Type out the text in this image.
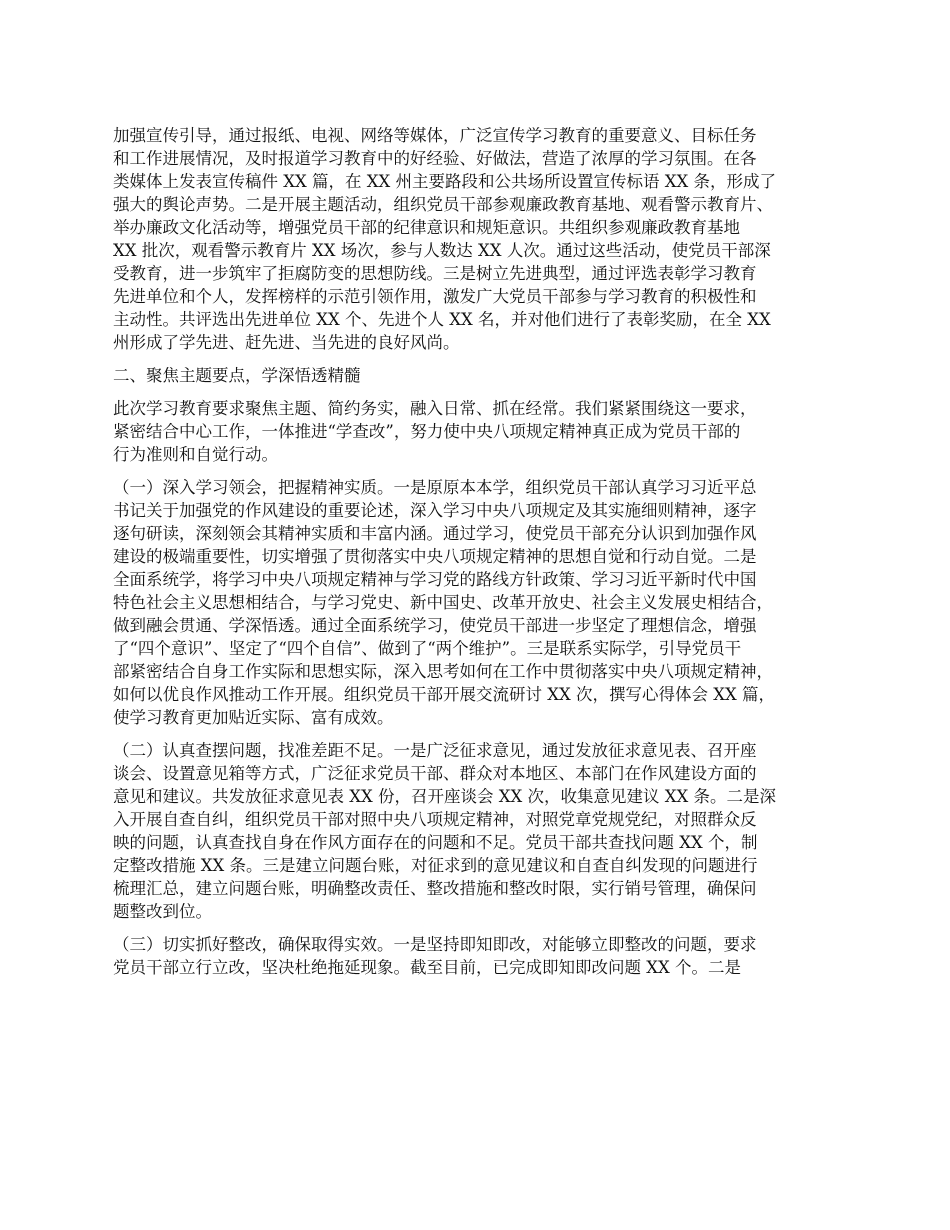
加强宣传引导，通过报纸、电视、网络等媒体，广泛宣传学习教育的重要意义、目标任务
和工作进展情况，及时报道学习教育中的好经验、好做法，营造了浓厚的学习氛围。在各
类媒体上发表宣传稿件 XX 篇，在 XX 州主要路段和公共场所设置宣传标语 XX 条，形成了
强大的舆论声势。二是开展主题活动，组织党员干部参观廉政教育基地、观看警示教育片、
举办廉政文化活动等，增强党员干部的纪律意识和规矩意识。共组织参观廉政教育基地
XX 批次，观看警示教育片 XX 场次，参与人数达 XX 人次。通过这些活动，使党员干部深
受教育，进一步筑牢了拒腐防变的思想防线。三是树立先进典型，通过评选表彰学习教育
先进单位和个人，发挥榜样的示范引领作用，激发广大党员干部参与学习教育的积极性和
主动性。共评选出先进单位 XX 个、先进个人 XX 名，并对他们进行了表彰奖励，在全 XX
州形成了学先进、赶先进、当先进的良好风尚。

二、聚焦主题要点，学深悟透精髓

此次学习教育要求聚焦主题、简约务实，融入日常、抓在经常。我们紧紧围绕这一要求，
紧密结合中心工作，一体推进“学查改”，努力使中央八项规定精神真正成为党员干部的
行为准则和自觉行动。

（一）深入学习领会，把握精神实质。一是原原本本学，组织党员干部认真学习习近平总
书记关于加强党的作风建设的重要论述，深入学习中央八项规定及其实施细则精神，逐字
逐句研读，深刻领会其精神实质和丰富内涵。通过学习，使党员干部充分认识到加强作风
建设的极端重要性，切实增强了贯彻落实中央八项规定精神的思想自觉和行动自觉。二是
全面系统学，将学习中央八项规定精神与学习党的路线方针政策、学习习近平新时代中国
特色社会主义思想相结合，与学习党史、新中国史、改革开放史、社会主义发展史相结合，
做到融会贯通、学深悟透。通过全面系统学习，使党员干部进一步坚定了理想信念，增强
了“四个意识”、坚定了“四个自信”、做到了“两个维护”。三是联系实际学，引导党员干
部紧密结合自身工作实际和思想实际，深入思考如何在工作中贯彻落实中央八项规定精神，
如何以优良作风推动工作开展。组织党员干部开展交流研讨 XX 次，撰写心得体会 XX 篇，
使学习教育更加贴近实际、富有成效。

（二）认真查摆问题，找准差距不足。一是广泛征求意见，通过发放征求意见表、召开座
谈会、设置意见箱等方式，广泛征求党员干部、群众对本地区、本部门在作风建设方面的
意见和建议。共发放征求意见表 XX 份，召开座谈会 XX 次，收集意见建议 XX 条。二是深
入开展自查自纠，组织党员干部对照中央八项规定精神，对照党章党规党纪，对照群众反
映的问题，认真查找自身在作风方面存在的问题和不足。党员干部共查找问题 XX 个，制
定整改措施 XX 条。三是建立问题台账，对征求到的意见建议和自查自纠发现的问题进行
梳理汇总，建立问题台账，明确整改责任、整改措施和整改时限，实行销号管理，确保问
题整改到位。

（三）切实抓好整改，确保取得实效。一是坚持即知即改，对能够立即整改的问题，要求
党员干部立行立改，坚决杜绝拖延现象。截至目前，已完成即知即改问题 XX 个。二是
